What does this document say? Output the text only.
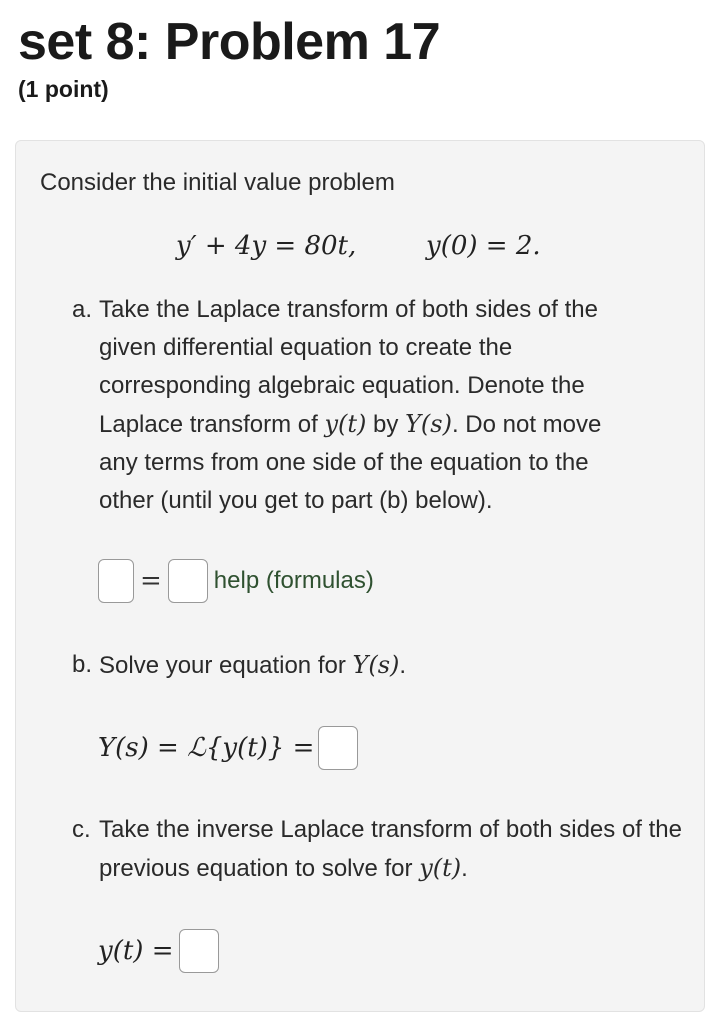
set 8: Problem 17
(1 point)
Consider the initial value problem
y′ + 4y = 80t,	y(0) = 2.
a. Take the Laplace transform of both sides of the given differential equation to create the corresponding algebraic equation. Denote the Laplace transform of y(t) by Y(s). Do not move any terms from one side of the equation to the other (until you get to part (b) below).
= help (formulas)
b. Solve your equation for Y(s).
Y(s) = ℒ{y(t)} =
c. Take the inverse Laplace transform of both sides of the previous equation to solve for y(t).
y(t) =
